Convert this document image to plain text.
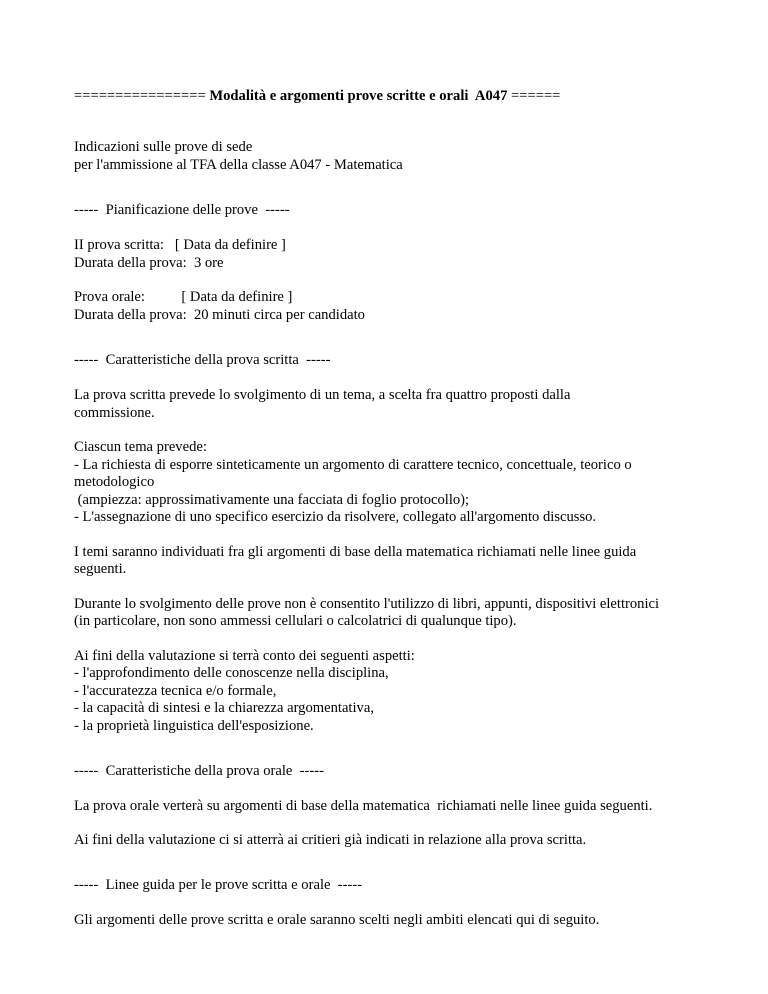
================ Modalità e argomenti prove scritte e orali  A047 ======
Indicazioni sulle prove di sede
per l'ammissione al TFA della classe A047 - Matematica
-----  Pianificazione delle prove  -----
II prova scritta:   [ Data da definire ]
Durata della prova:  3 ore
Prova orale:          [ Data da definire ]
Durata della prova:  20 minuti circa per candidato
-----  Caratteristiche della prova scritta  -----
La prova scritta prevede lo svolgimento di un tema, a scelta fra quattro proposti dalla
commissione.
Ciascun tema prevede:
- La richiesta di esporre sinteticamente un argomento di carattere tecnico, concettuale, teorico o
metodologico
(ampiezza: approssimativamente una facciata di foglio protocollo);
- L'assegnazione di uno specifico esercizio da risolvere, collegato all'argomento discusso.
I temi saranno individuati fra gli argomenti di base della matematica richiamati nelle linee guida
seguenti.
Durante lo svolgimento delle prove non è consentito l'utilizzo di libri, appunti, dispositivi elettronici
(in particolare, non sono ammessi cellulari o calcolatrici di qualunque tipo).
Ai fini della valutazione si terrà conto dei seguenti aspetti:
- l'approfondimento delle conoscenze nella disciplina,
- l'accuratezza tecnica e/o formale,
- la capacità di sintesi e la chiarezza argomentativa,
- la proprietà linguistica dell'esposizione.
-----  Caratteristiche della prova orale  -----
La prova orale verterà su argomenti di base della matematica  richiamati nelle linee guida seguenti.
Ai fini della valutazione ci si atterrà ai critieri già indicati in relazione alla prova scritta.
-----  Linee guida per le prove scritta e orale  -----
Gli argomenti delle prove scritta e orale saranno scelti negli ambiti elencati qui di seguito.
